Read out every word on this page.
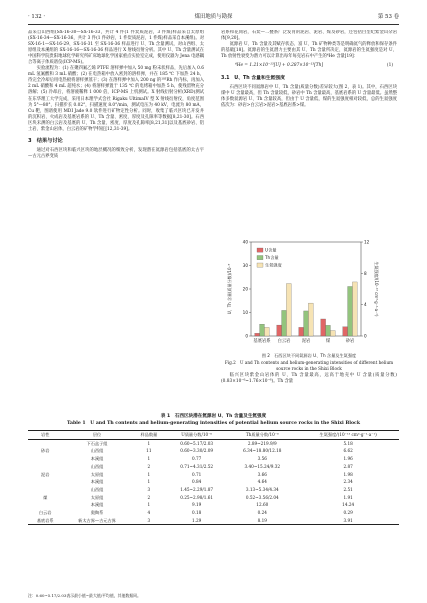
· 132 ·	煤田地质与勘探	第 53 卷

品采自山西组(SX-16-30—SX-16-33，共计 4 件(1 件炭质泥岩，3 件煤)样品采自太原组(SX-16-34—SX-16-36，共计 3 件(1 件砂岩，1 件炭质泥岩，1 件煤)样品采自本溪组)。对 SX-16-1—SX-16-29、SX-16-31 至 SX-16-36 样品进行 U、Th 含量测试，对山西组、太原组及本溪组的 SX-16-16—SX-16-36 样品进行 X 射线衍射分析。其中 U、Th 含量测试在中国科学院贵阳地球化学研究所矿床地球化学国家重点实验室完成，使用仪器为 Jena 电感耦合等离子体质谱仪(ICP-MS)。

实验流程为：(1) 在聚四氟乙烯 PTFE 溶样弹中加入 50 mg 粉末状样品，先后加入 0.6 mL 氢氟酸和 3 mL 硝酸；(2) 在电热箱中放入密封的溶样弹，并在 185 ℃ 下加热 24 h，待完全冷却后用电热板将溶样弹蒸干；(3) 在溶样弹中加入 200 ng 的¹⁰³Rh 作内标，再加入 2 mL 硝酸和 4 mL 超纯水；(4) 将溶样弹置于 135 ℃ 的电烤箱中加热 5 h，使残留物充分溶解；(5) 冷却后，将溶液稀释 1 000 倍，ICP-MS 上机测试。X 射线衍射分析(XRD)测试在东华理工大学完成，采用日本理学式会社 Rigaku UltimaIV 型 X 射线衍射仪，角度范围为 5°—80°，扫描步长 0.02°，扫描速度 8.0°/min，测试电压为 40 kV，电流为 80 mA，Cu 靶，图谱使用 MDI Jade 9.0 软件进行矿物定性分析。同时，收集了临兴区块已开发井的沉积岩、火成岩及基底岩系的 U、Th 含量、密度、厚度及孔隙率等数据[8,21-30]。石西区块未测的白云岩及基底的 U、Th 含量、密度、厚度及孔隙率[8,21,31]以及基底砂岩、铝土岩、紫金山岩体，白云岩的矿物学特征[12,31-39]。

3　结果与讨论

通过对石西区块和临兴区块的地层概况的细致分析，发现潜在氦源岩包括基底的太古宇—古元古界变质

岩系和花岗岩，石炭—二叠系广泛发育的泥岩、泥岩、煤及砂岩，还包括白垩纪紫金山杂岩体[9,20]。

氦源岩 U、Th 含量及其赋存状态、富 U、Th 矿物种类等是明确氦气的释放和保存条件的基础[18]。氦源岩的生氦潜力主要由其 U、Th 含量所决定，氦源岩的生氦强度是对 U、Th 放射性衰变为潜力可以计算出每年每克岩石中产生的⁴He 含量[19]：

⁴He = 1.21×10⁻¹³[U] + 0.287×10⁻¹³[Th]	(1)
3.1　U、Th 含量和生氦强度

石西区块不同氦源岩中 U、Th 含量(质量分数)差异较大(图 2，表 1)。其中，石西区块煤中 U 含量最高，但 Th 含量较低，砂岩中 Th 含量最高，基底岩系的 U 含量最低。虽然整体多数氦源岩 U、Th 含量较高，但由于 U 含量低，煤的生氦强度相对较低，总的生氦强度依次为：砂岩>白云岩>泥岩>基底岩系>煤。

0
10
20
30
40
0
4
8
12
基底岩系 白云岩	泥岩	煤	砂岩
U、Th 含量(质量分数)/10⁻⁶	生氦强度/(10⁻¹³ cm³·g⁻¹·a⁻¹)
U含量
Th含量
生氦强度
图 2　石西区块不同氦源岩 U、Th 含量及生氦强度
Fig.2　U and Th contents and helium-generating intensities of different helium source rocks in the Shixi Block

临兴区块紫金山岩体的 U、Th 含量最高，远高于地壳中 U 含量(质量分数)(0.83×10⁻⁶~1.76×10⁻⁶)。Th 含量

表 1　石西区块潜在氦源岩 U、Th 含量及生氦强度
Table 1　U and Th contents and helium-generating intensities of potential helium source rocks in the Shixi Block
岩性	层位	样品数量	U质量分数/10⁻⁶	Th质量分数/10⁻⁶	生氦强度/(10⁻¹³ cm³·g⁻¹·a⁻¹)
	下石盒子组	1	0.60~5.17/2.03	2.89~219.9/9	5.18
砂岩	山西组	11	0.60~3.30/2.09	6.34~18.80/12.18	6.62
	本溪组	1	0.77	3.56	1.96
	山西组	2	0.71~4.31/2.52	3.40~15.24/9.32	2.87
泥岩	太原组	1	0.71	3.66	1.98
	本溪组	1	0.84	4.64	2.34
	山西组	3	1.45~2.29/1.87	3.13~5.34/4.34	2.51
煤	太原组	2	0.25~2.98/1.61	0.52~3.56/2.04	1.91
	本溪组	1	9.19	12.60	14.24
白云岩	奥陶系	4	0.18	0.24	0.29
基底岩系	新太古界—古元古界	3	1.29	8.19	3.91
注：0.60~5.17/2.03表示最小值~最大值/平均值，其他数据同。
